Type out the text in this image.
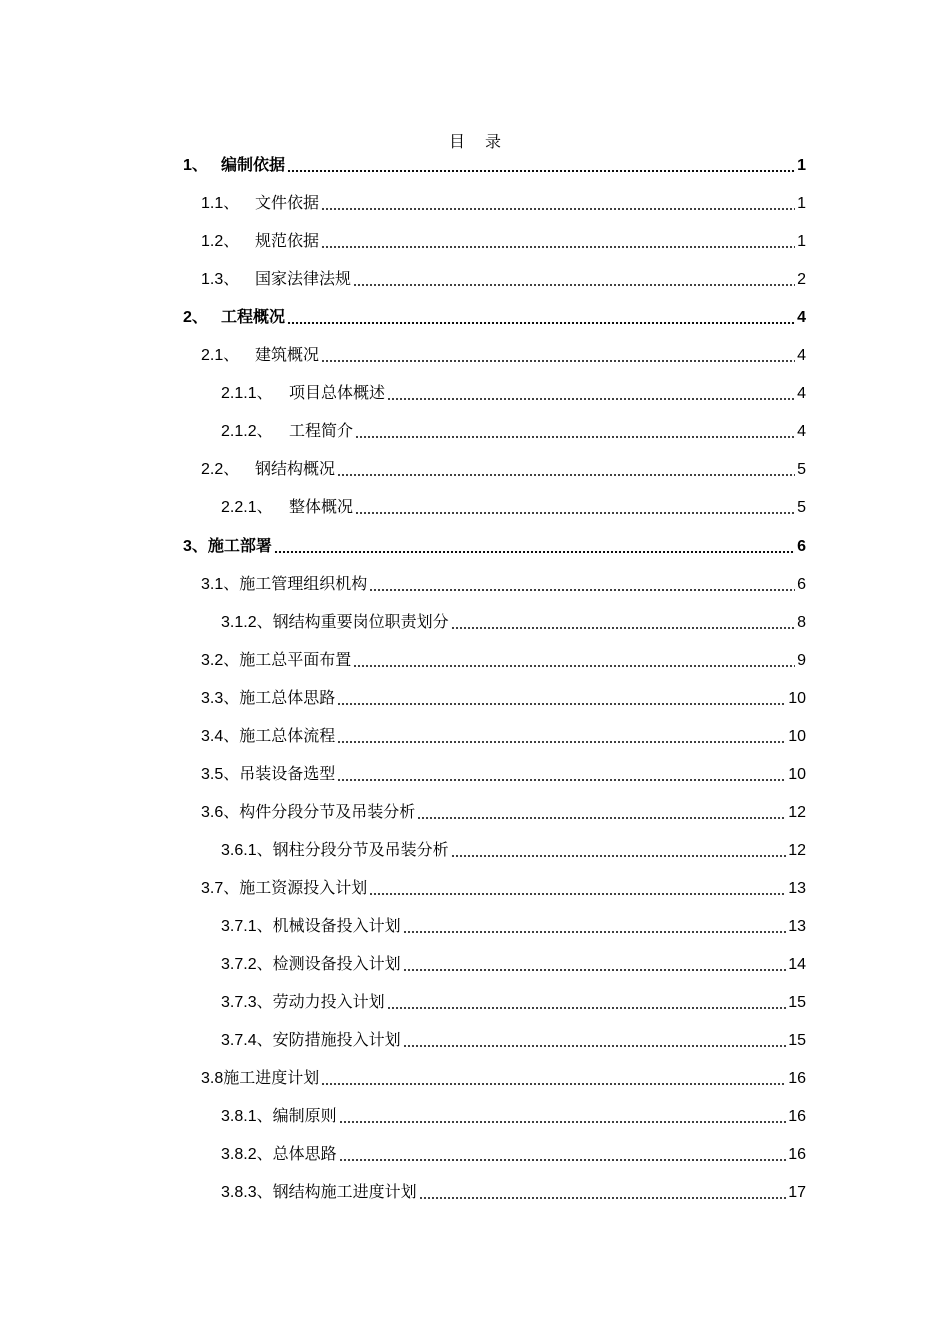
目录
1、 编制依据	1
1.1、 文件依据	1
1.2、 规范依据	1
1.3、 国家法律法规	2
2、 工程概况	4
2.1、 建筑概况	4
2.1.1、	项目总体概述	4
2.1.2、	工程简介	4
2.2、 钢结构概况	5
2.2.1、	整体概况	5
3、 施工部署	6
3.1、 施工管理组织机构	6
3.1.2、 钢结构重要岗位职责划分	8
3.2、 施工总平面布置	9
3.3、 施工总体思路	10
3.4、 施工总体流程	10
3.5、 吊装设备选型	10
3.6、 构件分段分节及吊装分析	12
3.6.1、 钢柱分段分节及吊装分析	12
3.7、 施工资源投入计划	13
3.7.1、 机械设备投入计划	13
3.7.2、 检测设备投入计划	14
3.7.3、 劳动力投入计划	15
3.7.4、 安防措施投入计划	15
3.8 施工进度计划	16
3.8.1、 编制原则	16
3.8.2、 总体思路	16
3.8.3、 钢结构施工进度计划	17
